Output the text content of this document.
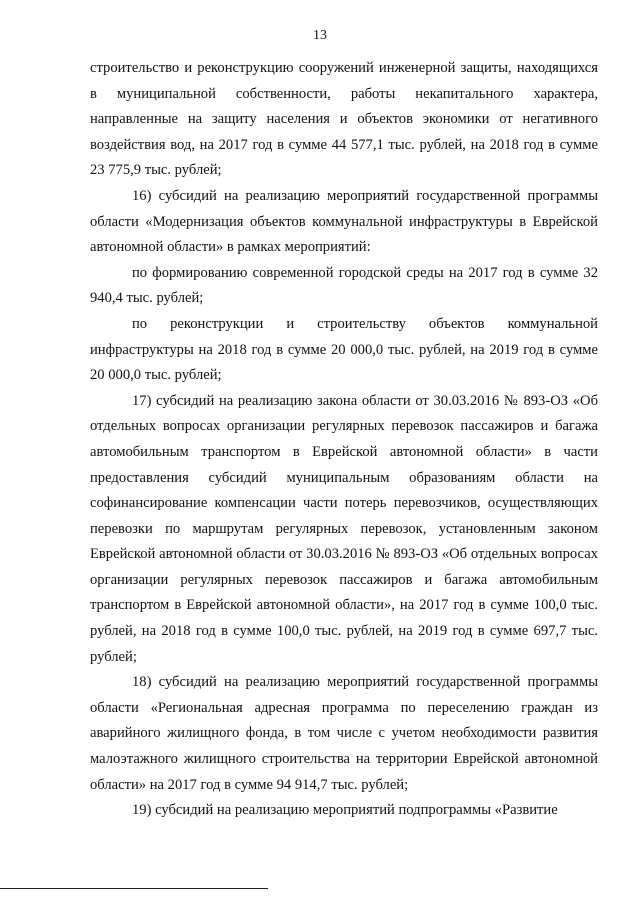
13

строительство и реконструкцию сооружений инженерной защиты, находящихся в муниципальной собственности, работы некапитального характера, направленные на защиту населения и объектов экономики от негативного воздействия вод, на 2017 год в сумме 44 577,1 тыс. рублей, на 2018 год в сумме 23 775,9 тыс. рублей;

16) субсидий на реализацию мероприятий государственной программы области «Модернизация объектов коммунальной инфраструктуры в Еврейской автономной области» в рамках мероприятий:

по формированию современной городской среды на 2017 год в сумме 32 940,4 тыс. рублей;

по реконструкции и строительству объектов коммунальной инфраструктуры на 2018 год в сумме 20 000,0 тыс. рублей, на 2019 год в сумме 20 000,0 тыс. рублей;

17) субсидий на реализацию закона области от 30.03.2016 № 893-ОЗ «Об отдельных вопросах организации регулярных перевозок пассажиров и багажа автомобильным транспортом в Еврейской автономной области» в части предоставления субсидий муниципальным образованиям области на софинансирование компенсации части потерь перевозчиков, осуществляющих перевозки по маршрутам регулярных перевозок, установленным законом Еврейской автономной области от 30.03.2016 № 893-ОЗ «Об отдельных вопросах организации регулярных перевозок пассажиров и багажа автомобильным транспортом в Еврейской автономной области», на 2017 год в сумме 100,0 тыс. рублей, на 2018 год в сумме 100,0 тыс. рублей, на 2019 год в сумме 697,7 тыс. рублей;

18) субсидий на реализацию мероприятий государственной программы области «Региональная адресная программа по переселению граждан из аварийного жилищного фонда, в том числе с учетом необходимости развития малоэтажного жилищного строительства на территории Еврейской автономной области» на 2017 год в сумме 94 914,7 тыс. рублей;

19) субсидий на реализацию мероприятий подпрограммы «Развитие
